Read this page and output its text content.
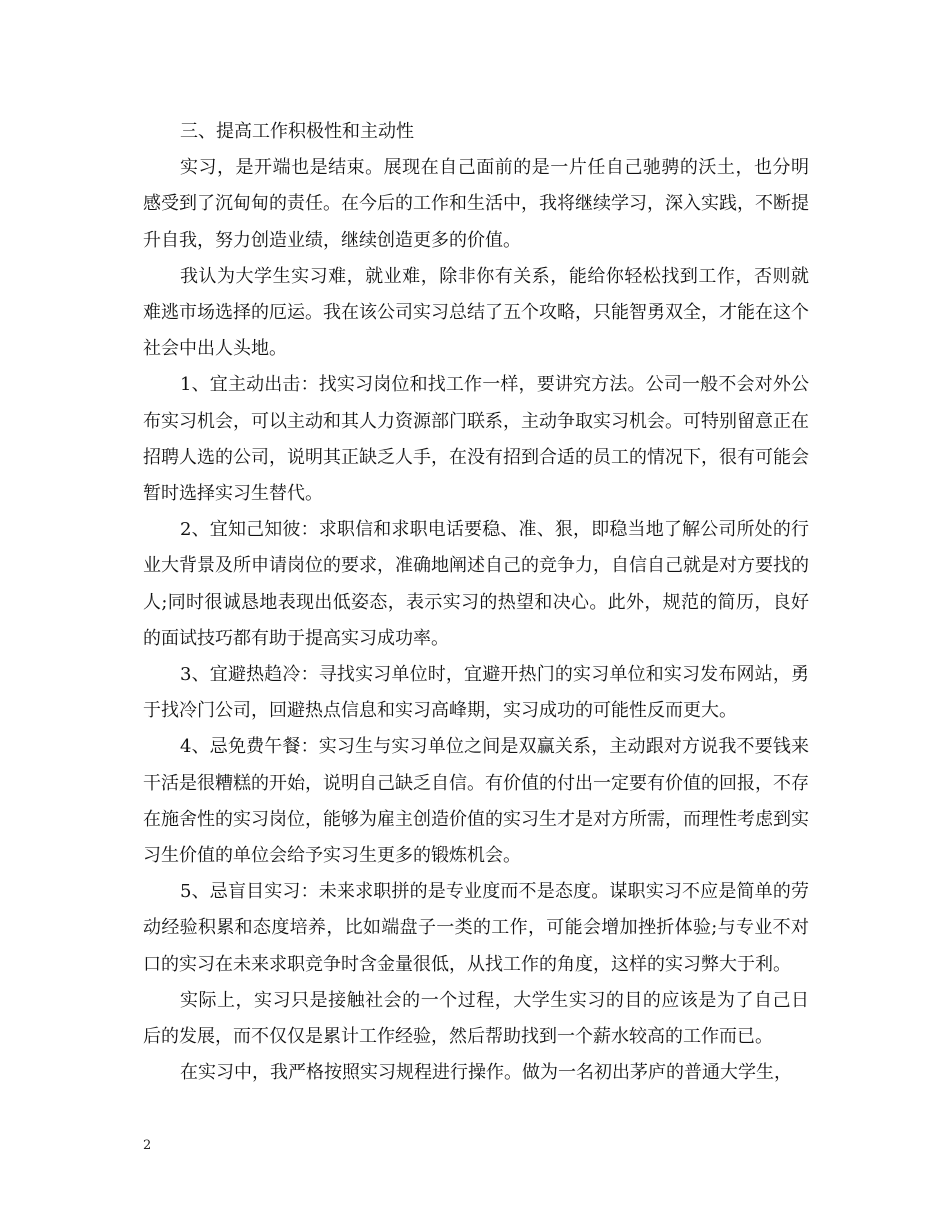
三、提高工作积极性和主动性

实习，是开端也是结束。展现在自己面前的是一片任自己驰骋的沃土，也分明感受到了沉甸甸的责任。在今后的工作和生活中，我将继续学习，深入实践，不断提升自我，努力创造业绩，继续创造更多的价值。

我认为大学生实习难，就业难，除非你有关系，能给你轻松找到工作，否则就难逃市场选择的厄运。我在该公司实习总结了五个攻略，只能智勇双全，才能在这个社会中出人头地。

1、宜主动出击：找实习岗位和找工作一样，要讲究方法。公司一般不会对外公布实习机会，可以主动和其人力资源部门联系，主动争取实习机会。可特别留意正在招聘人选的公司，说明其正缺乏人手，在没有招到合适的员工的情况下，很有可能会暂时选择实习生替代。

2、宜知己知彼：求职信和求职电话要稳、准、狠，即稳当地了解公司所处的行业大背景及所申请岗位的要求，准确地阐述自己的竞争力，自信自己就是对方要找的人;同时很诚恳地表现出低姿态，表示实习的热望和决心。此外，规范的简历，良好的面试技巧都有助于提高实习成功率。

3、宜避热趋冷：寻找实习单位时，宜避开热门的实习单位和实习发布网站，勇于找冷门公司，回避热点信息和实习高峰期，实习成功的可能性反而更大。

4、忌免费午餐：实习生与实习单位之间是双赢关系，主动跟对方说我不要钱来干活是很糟糕的开始，说明自己缺乏自信。有价值的付出一定要有价值的回报，不存在施舍性的实习岗位，能够为雇主创造价值的实习生才是对方所需，而理性考虑到实习生价值的单位会给予实习生更多的锻炼机会。

5、忌盲目实习：未来求职拼的是专业度而不是态度。谋职实习不应是简单的劳动经验积累和态度培养，比如端盘子一类的工作，可能会增加挫折体验;与专业不对口的实习在未来求职竞争时含金量很低，从找工作的角度，这样的实习弊大于利。

实际上，实习只是接触社会的一个过程，大学生实习的目的应该是为了自己日后的发展，而不仅仅是累计工作经验，然后帮助找到一个薪水较高的工作而已。

在实习中，我严格按照实习规程进行操作。做为一名初出茅庐的普通大学生，

2
